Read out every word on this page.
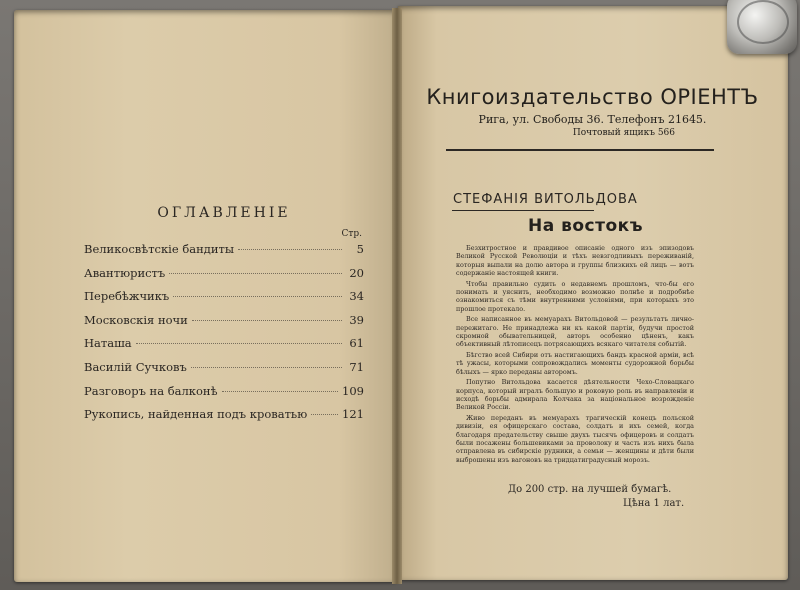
ОГЛАВЛЕНIЕ
Стр.
Великосвѣтскiе бандиты	5
Авантюристъ	20
Перебѣжчикъ	34
Московскiя ночи	39
Наташа	61
Василiй Сучковъ	71
Разговоръ на балконѣ	109
Рукопись, найденная подъ кроватью	121
Книгоиздательство ОРIЕНТЪ
Рига, ул. Свободы 36. Телефонъ 21645.
Почтовый ящикъ 566
СТЕФАНIЯ ВИТОЛЬДОВА
На востокъ

Безхитростное и правдивое описанiе одного изъ эпизодовъ Великой Русской Революцiи и тѣхъ невзгодливыхъ переживанiй, которыя выпали на долю автора и группы близкихъ ей лицъ — вотъ содержанiе настоящей книги.

Чтобы правильно судить о недавнемъ прошломъ, что-бы его понимать и уяснить, необходимо возможно полнѣе и подробнѣе ознакомиться съ тѣми внутренними условiями, при которыхъ это прошлое протекало.

Все написанное въ мемуарахъ Витольдовой — результатъ лично-пережитаго. Не принадлежа ни къ какой партiи, будучи простой скромной обывательницей, авторъ особенно цѣненъ, какъ объективный лѣтописецъ потрясающихъ всякаго читателя событiй.

Бѣгство всей Сибири отъ настигающихъ бандъ красной армiи, всѣ тѣ ужасы, которыми сопровождались моменты судорожной борьбы бѣлыхъ — ярко переданы авторомъ.

Попутно Витольдова касается дѣятельности Чехо-Словацкаго корпуса, который игралъ большую и роковую роль въ направленiи и исходѣ борьбы адмирала Колчака за нацiональное возрожденiе Великой Россiи.

Живо переданъ въ мемуарахъ трагическiй конецъ польской дивизiи, ея офицерскаго состава, солдатъ и ихъ семей, когда благодаря предательству свыше двухъ тысячъ офицеровъ и солдатъ были посажены большевиками за проволоку и часть изъ нихъ была отправлена въ сибирскiе рудники, а семьи — женщины и дѣти были выброшены изъ вагоновъ на тридцатиградусный морозъ.

До 200 стр. на лучшей бумагѣ.
Цѣна 1 лат.
